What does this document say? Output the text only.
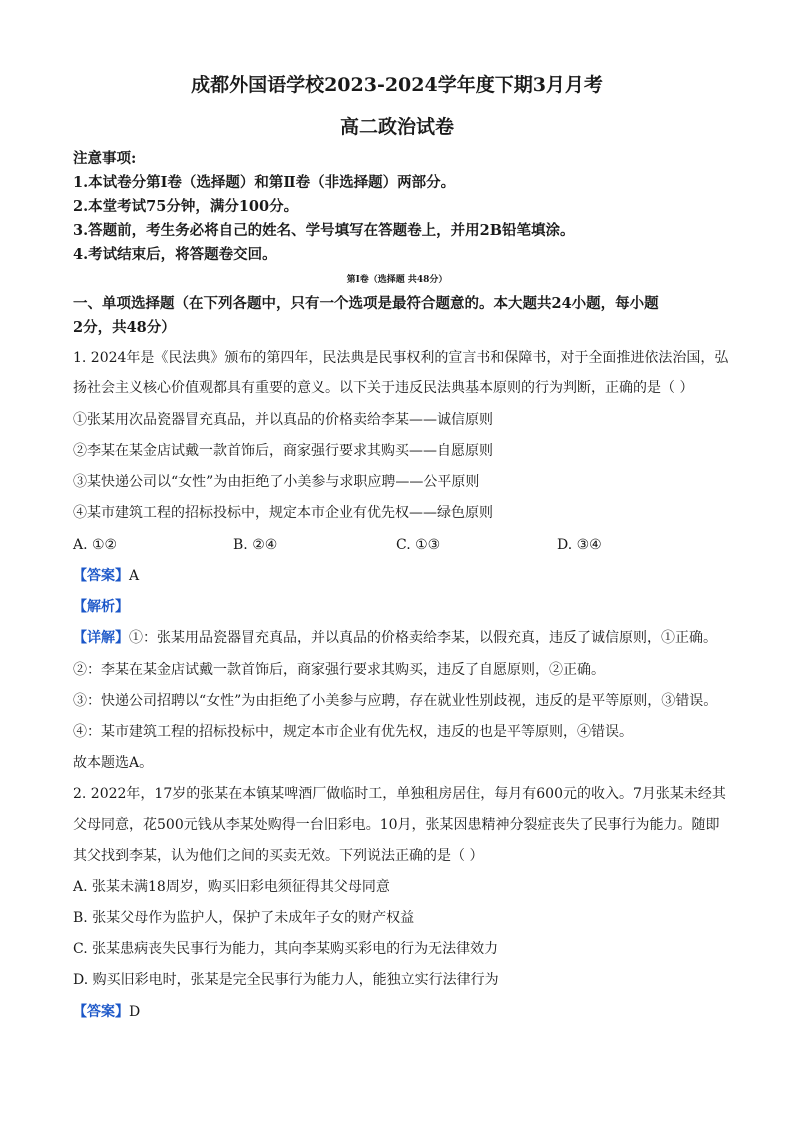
成都外国语学校2023-2024学年度下期3月月考
高二政治试卷
注意事项:
1.本试卷分第Ⅰ卷（选择题）和第Ⅱ卷（非选择题）两部分。
2.本堂考试75分钟，满分100分。
3.答题前，考生务必将自己的姓名、学号填写在答题卷上，并用2B铅笔填涂。
4.考试结束后，将答题卷交回。
第Ⅰ卷（选择题 共48分）
一、单项选择题（在下列各题中，只有一个选项是最符合题意的。本大题共24小题，每小题
2分，共48分）
1. 2024年是《民法典》颁布的第四年，民法典是民事权利的宣言书和保障书，对于全面推进依法治国，弘
扬社会主义核心价值观都具有重要的意义。以下关于违反民法典基本原则的行为判断，正确的是（ ）
①张某用次品瓷器冒充真品，并以真品的价格卖给李某——诚信原则
②李某在某金店试戴一款首饰后，商家强行要求其购买——自愿原则
③某快递公司以“女性”为由拒绝了小美参与求职应聘——公平原则
④某市建筑工程的招标投标中，规定本市企业有优先权——绿色原则
A. ①②	B. ②④	C. ①③	D. ③④
【答案】A
【解析】
【详解】①：张某用品瓷器冒充真品，并以真品的价格卖给李某，以假充真，违反了诚信原则，①正确。
②：李某在某金店试戴一款首饰后，商家强行要求其购买，违反了自愿原则，②正确。
③：快递公司招聘以“女性”为由拒绝了小美参与应聘，存在就业性别歧视，违反的是平等原则，③错误。
④：某市建筑工程的招标投标中，规定本市企业有优先权，违反的也是平等原则，④错误。
故本题选A。
2. 2022年，17岁的张某在本镇某啤酒厂做临时工，单独租房居住，每月有600元的收入。7月张某未经其
父母同意，花500元钱从李某处购得一台旧彩电。10月，张某因患精神分裂症丧失了民事行为能力。随即
其父找到李某，认为他们之间的买卖无效。下列说法正确的是（ ）
A. 张某未满18周岁，购买旧彩电须征得其父母同意
B. 张某父母作为监护人，保护了未成年子女的财产权益
C. 张某患病丧失民事行为能力，其向李某购买彩电的行为无法律效力
D. 购买旧彩电时，张某是完全民事行为能力人，能独立实行法律行为
【答案】D
